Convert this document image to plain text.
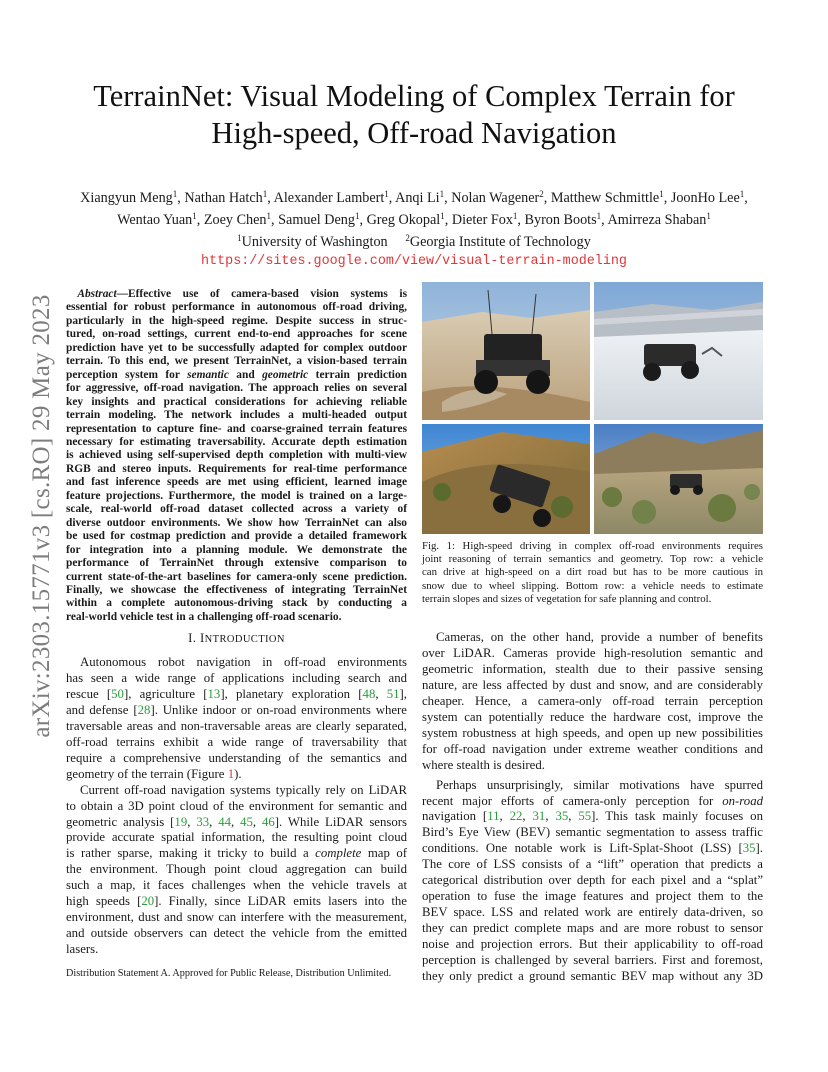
arXiv:2303.15771v3 [cs.RO] 29 May 2023
TerrainNet: Visual Modeling of Complex Terrain for
High-speed, Off-road Navigation
Xiangyun Meng$^1$, Nathan Hatch$^1$, Alexander Lambert$^1$, Anqi Li$^1$, Nolan Wagener$^2$, Matthew Schmittle$^1$, JoonHo Lee$^1$,
Wentao Yuan$^1$, Zoey Chen$^1$, Samuel Deng$^1$, Greg Okopal$^1$, Dieter Fox$^1$, Byron Boots$^1$, Amirreza Shaban$^1$
$^1$University of Washington $^2$Georgia Institute of Technology
https://sites.google.com/view/visual-terrain-modeling
 Abstract—Effective use of camera-based vision systems is
essential for robust performance in autonomous off-road driving,
particularly in the high-speed regime. Despite success in struc-
tured, on-road settings, current end-to-end approaches for scene
prediction have yet to be successfully adapted for complex outdoor
terrain. To this end, we present TerrainNet, a vision-based terrain
perception system for semantic and geometric terrain prediction
for aggressive, off-road navigation. The approach relies on several
key insights and practical considerations for achieving reliable
terrain modeling. The network includes a multi-headed output
representation to capture fine- and coarse-grained terrain features
necessary for estimating traversability. Accurate depth estimation
is achieved using self-supervised depth completion with multi-view
RGB and stereo inputs. Requirements for real-time performance
and fast inference speeds are met using efficient, learned image
feature projections. Furthermore, the model is trained on a large-
scale, real-world off-road dataset collected across a variety of
diverse outdoor environments. We show how TerrainNet can also
be used for costmap prediction and provide a detailed framework
for integration into a planning module. We demonstrate the
performance of TerrainNet through extensive comparison to
current state-of-the-art baselines for camera-only scene prediction.
Finally, we showcase the effectiveness of integrating TerrainNet
within a complete autonomous-driving stack by conducting a
real-world vehicle test in a challenging off-road scenario.
I. INTRODUCTION
Autonomous robot navigation in off-road environments
has seen a wide range of applications including search and
rescue [50], agriculture [13], planetary exploration [48, 51],
and defense [28]. Unlike indoor or on-road environments where
traversable areas and non-traversable areas are clearly separated,
off-road terrains exhibit a wide range of traversability that
require a comprehensive understanding of the semantics and
geometry of the terrain (Figure 1).
Current off-road navigation systems typically rely on LiDAR
to obtain a 3D point cloud of the environment for semantic and
geometric analysis [19, 33, 44, 45, 46]. While LiDAR sensors
provide accurate spatial information, the resulting point cloud
is rather sparse, making it tricky to build a complete map of
the environment. Though point cloud aggregation can build
such a map, it faces challenges when the vehicle travels at
high speeds [20]. Finally, since LiDAR emits lasers into the
environment, dust and snow can interfere with the measurement,
and outside observers can detect the vehicle from the emitted
lasers.
Distribution Statement A. Approved for Public Release, Distribution Unlimited.
Fig. 1: High-speed driving in complex off-road environments requires
joint reasoning of terrain semantics and geometry. Top row: a vehicle
can drive at high-speed on a dirt road but has to be more cautious in
snow due to wheel slipping. Bottom row: a vehicle needs to estimate
terrain slopes and sizes of vegetation for safe planning and control.
Cameras, on the other hand, provide a number of benefits
over LiDAR. Cameras provide high-resolution semantic and
geometric information, stealth due to their passive sensing
nature, are less affected by dust and snow, and are considerably
cheaper. Hence, a camera-only off-road terrain perception
system can potentially reduce the hardware cost, improve the
system robustness at high speeds, and open up new possibilities
for off-road navigation under extreme weather conditions and
where stealth is desired.
Perhaps unsurprisingly, similar motivations have spurred
recent major efforts of camera-only perception for on-road
navigation [11, 22, 31, 35, 55]. This task mainly focuses on
Bird’s Eye View (BEV) semantic segmentation to assess traffic
conditions. One notable work is Lift-Splat-Shoot (LSS) [35].
The core of LSS consists of a “lift” operation that predicts a
categorical distribution over depth for each pixel and a “splat”
operation to fuse the image features and project them to the
BEV space. LSS and related work are entirely data-driven, so
they can predict complete maps and are more robust to sensor
noise and projection errors. But their applicability to off-road
perception is challenged by several barriers. First and foremost,
they only predict a ground semantic BEV map without any 3D
